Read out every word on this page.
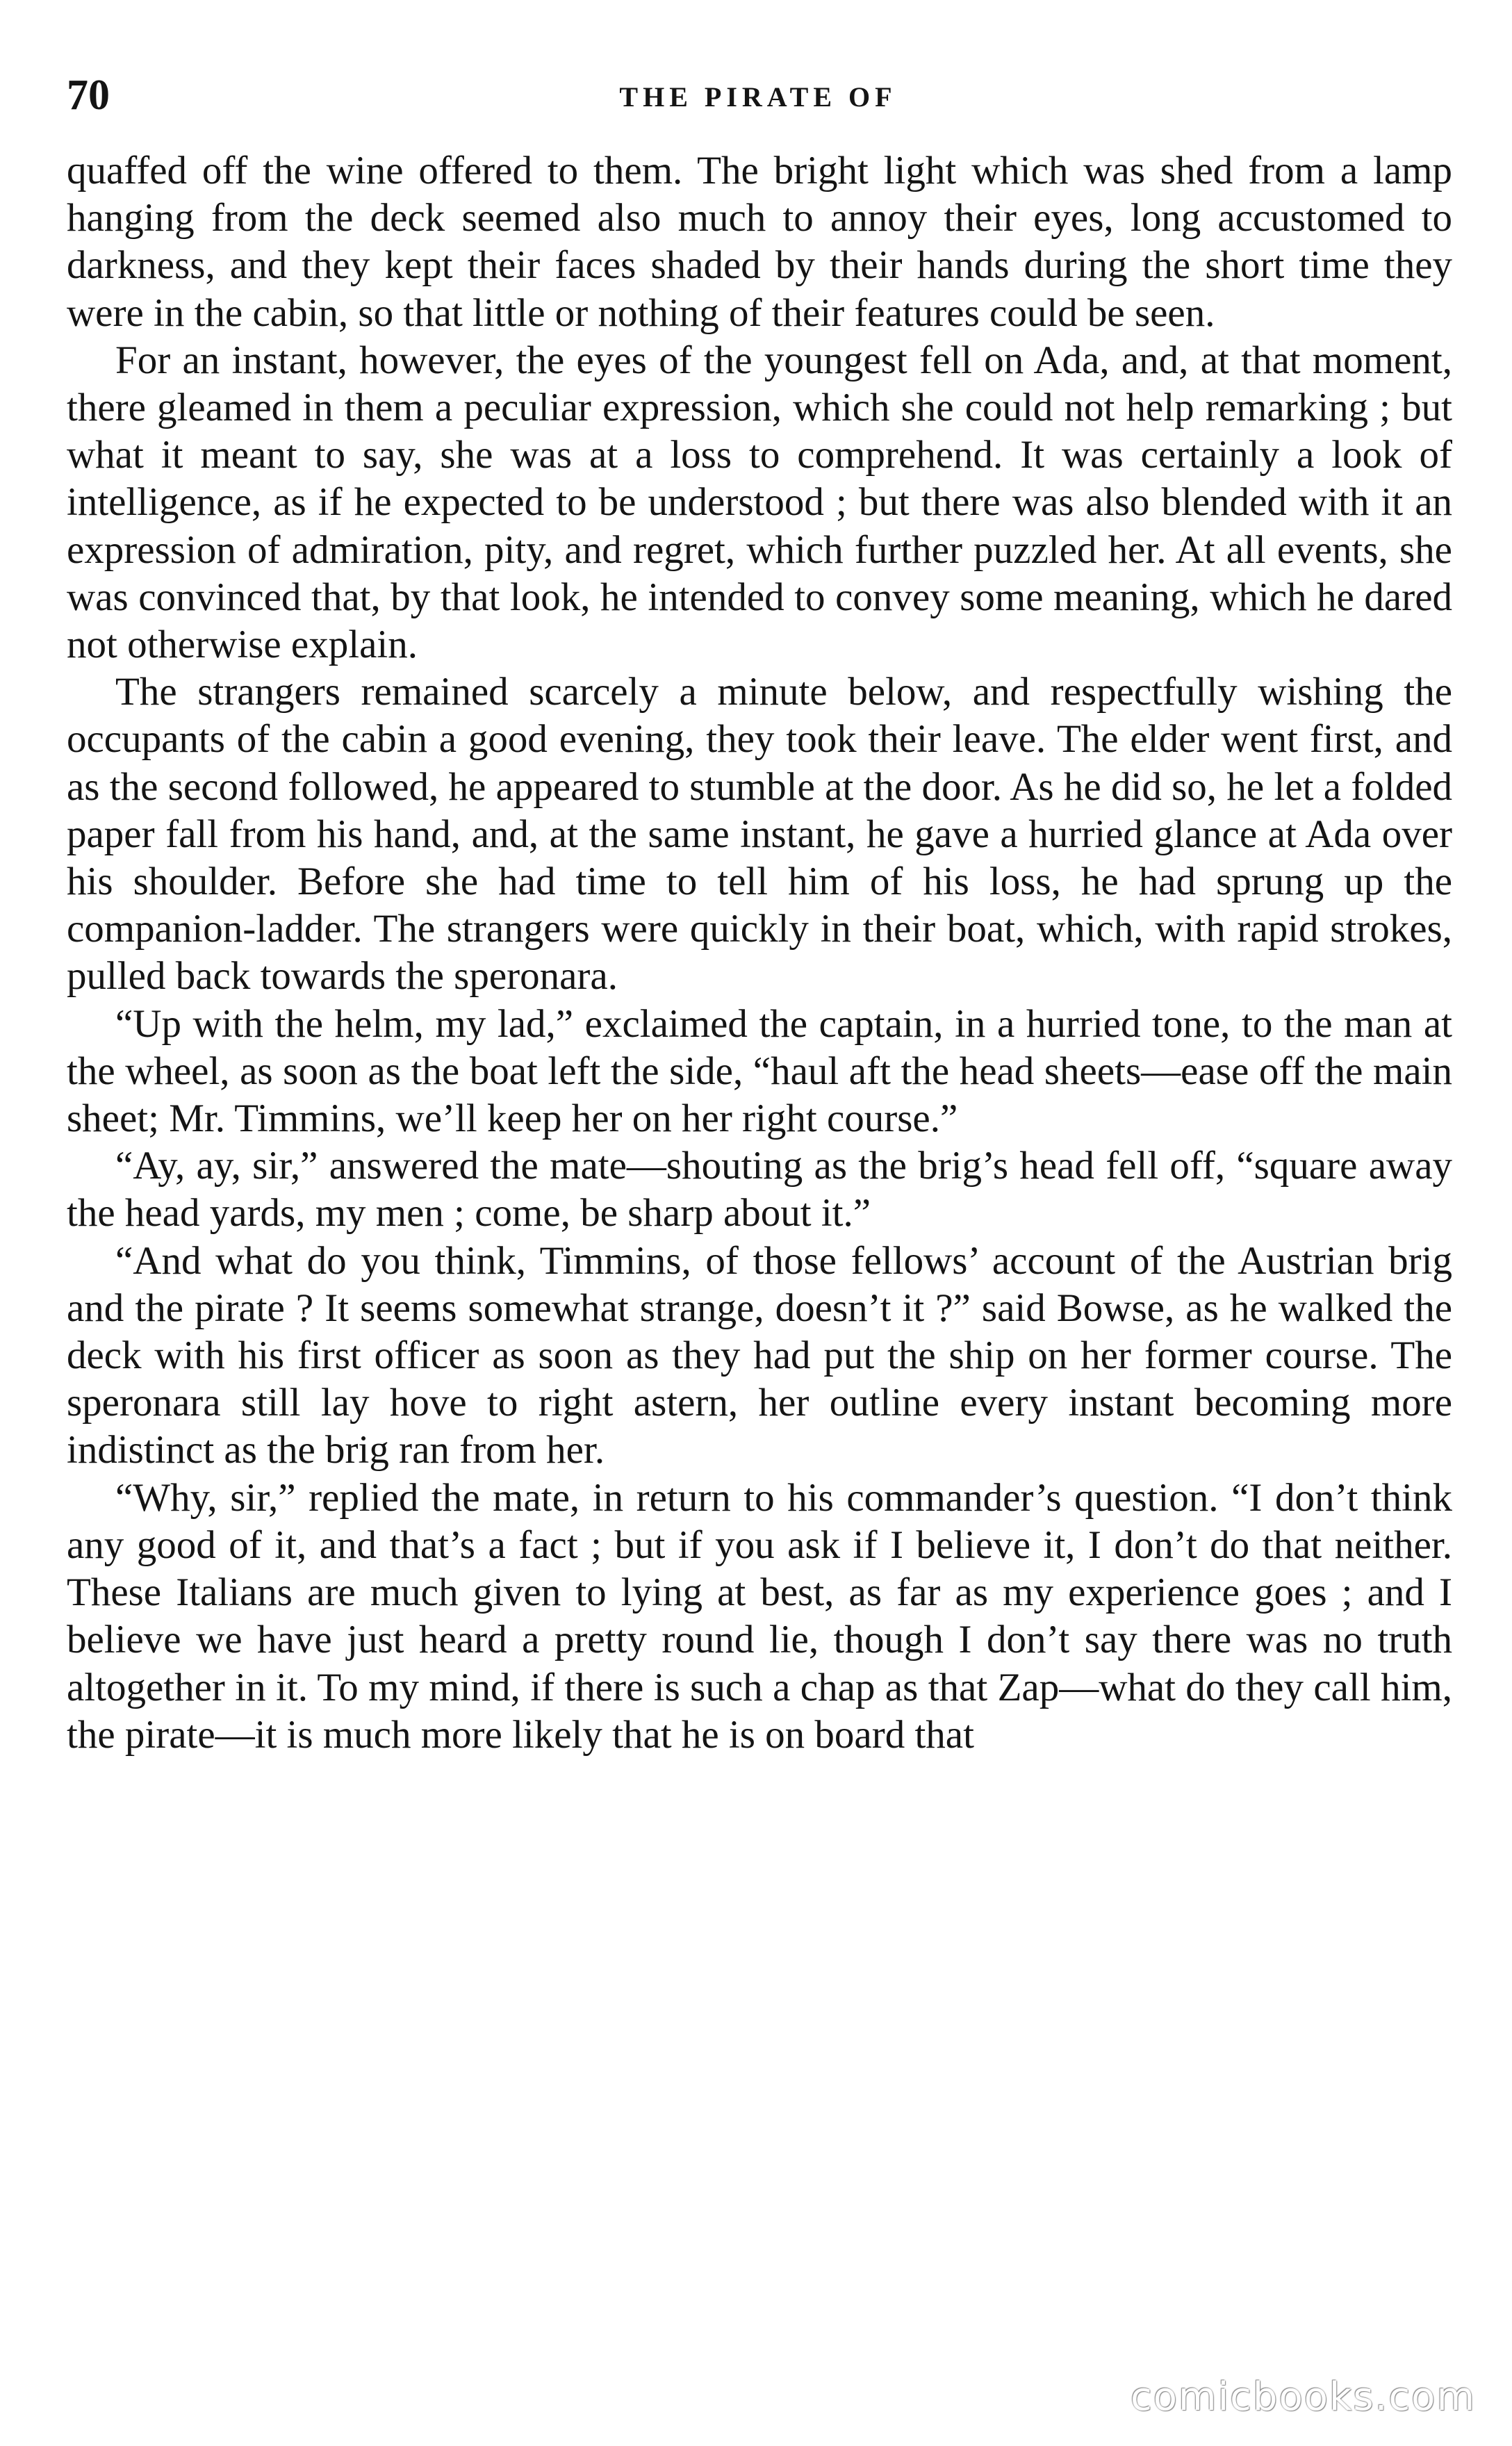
70	THE PIRATE OF

quaffed off the wine offered to them. The bright light which was shed from a lamp hanging from the deck seemed also much to annoy their eyes, long accustomed to darkness, and they kept their faces shaded by their hands during the short time they were in the cabin, so that little or nothing of their features could be seen.

For an instant, however, the eyes of the youngest fell on Ada, and, at that moment, there gleamed in them a peculiar expression, which she could not help remarking ; but what it meant to say, she was at a loss to comprehend. It was certainly a look of intelligence, as if he expected to be understood ; but there was also blended with it an expression of admiration, pity, and regret, which further puzzled her. At all events, she was convinced that, by that look, he intended to convey some meaning, which he dared not otherwise explain.

The strangers remained scarcely a minute below, and respectfully wishing the occupants of the cabin a good evening, they took their leave. The elder went first, and as the second followed, he appeared to stumble at the door. As he did so, he let a folded paper fall from his hand, and, at the same instant, he gave a hurried glance at Ada over his shoulder. Before she had time to tell him of his loss, he had sprung up the companion-ladder. The strangers were quickly in their boat, which, with rapid strokes, pulled back towards the speronara.

“Up with the helm, my lad,” exclaimed the captain, in a hurried tone, to the man at the wheel, as soon as the boat left the side, “haul aft the head sheets—ease off the main sheet; Mr. Timmins, we’ll keep her on her right course.”

“Ay, ay, sir,” answered the mate—shouting as the brig’s head fell off, “square away the head yards, my men ; come, be sharp about it.”

“And what do you think, Timmins, of those fellows’ account of the Austrian brig and the pirate ? It seems somewhat strange, doesn’t it ?” said Bowse, as he walked the deck with his first officer as soon as they had put the ship on her former course. The speronara still lay hove to right astern, her outline every instant becoming more indistinct as the brig ran from her.

“Why, sir,” replied the mate, in return to his commander’s question. “I don’t think any good of it, and that’s a fact ; but if you ask if I believe it, I don’t do that neither. These Italians are much given to lying at best, as far as my experience goes ; and I believe we have just heard a pretty round lie, though I don’t say there was no truth altogether in it. To my mind, if there is such a chap as that Zap—what do they call him, the pirate—it is much more likely that he is on board that

comicbooks.com
